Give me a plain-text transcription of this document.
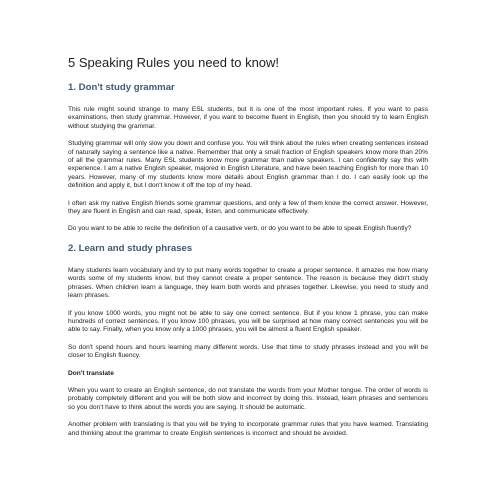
5 Speaking Rules you need to know!
1. Don't study grammar

This rule might sound strange to many ESL students, but it is one of the most important rules. If you want to pass examinations, then study grammar. However, if you want to become fluent in English, then you should try to learn English without studying the grammar.

Studying grammar will only slow you down and confuse you. You will think about the rules when creating sentences instead of naturally saying a sentence like a native. Remember that only a small fraction of English speakers know more than 20% of all the grammar rules. Many ESL students know more grammar than native speakers. I can confidently say this with experience. I am a native English speaker, majored in English Literature, and have been teaching English for more than 10 years. However, many of my students know more details about English grammar than I do. I can easily look up the definition and apply it, but I don't know it off the top of my head.

I often ask my native English friends some grammar questions, and only a few of them know the correct answer. However, they are fluent in English and can read, speak, listen, and communicate effectively.

Do you want to be able to recite the definition of a causative verb, or do you want to be able to speak English fluently?

2. Learn and study phrases

Many students learn vocabulary and try to put many words together to create a proper sentence. It amazes me how many words some of my students know, but they cannot create a proper sentence. The reason is because they didn't study phrases. When children learn a language, they learn both words and phrases together. Likewise, you need to study and learn phrases.

If you know 1000 words, you might not be able to say one correct sentence. But if you know 1 phrase, you can make hundreds of correct sentences. If you know 100 phrases, you will be surprised at how many correct sentences you will be able to say. Finally, when you know only a 1000 phrases, you will be almost a fluent English speaker.

So don't spend hours and hours learning many different words. Use that time to study phrases instead and you will be closer to English fluency.

Don't translate

When you want to create an English sentence, do not translate the words from your Mother tongue. The order of words is probably completely different and you will be both slow and incorrect by doing this. Instead, learn phrases and sentences so you don't have to think about the words you are saying. It should be automatic.

Another problem with translating is that you will be trying to incorporate grammar rules that you have learned. Translating and thinking about the grammar to create English sentences is incorrect and should be avoided.
